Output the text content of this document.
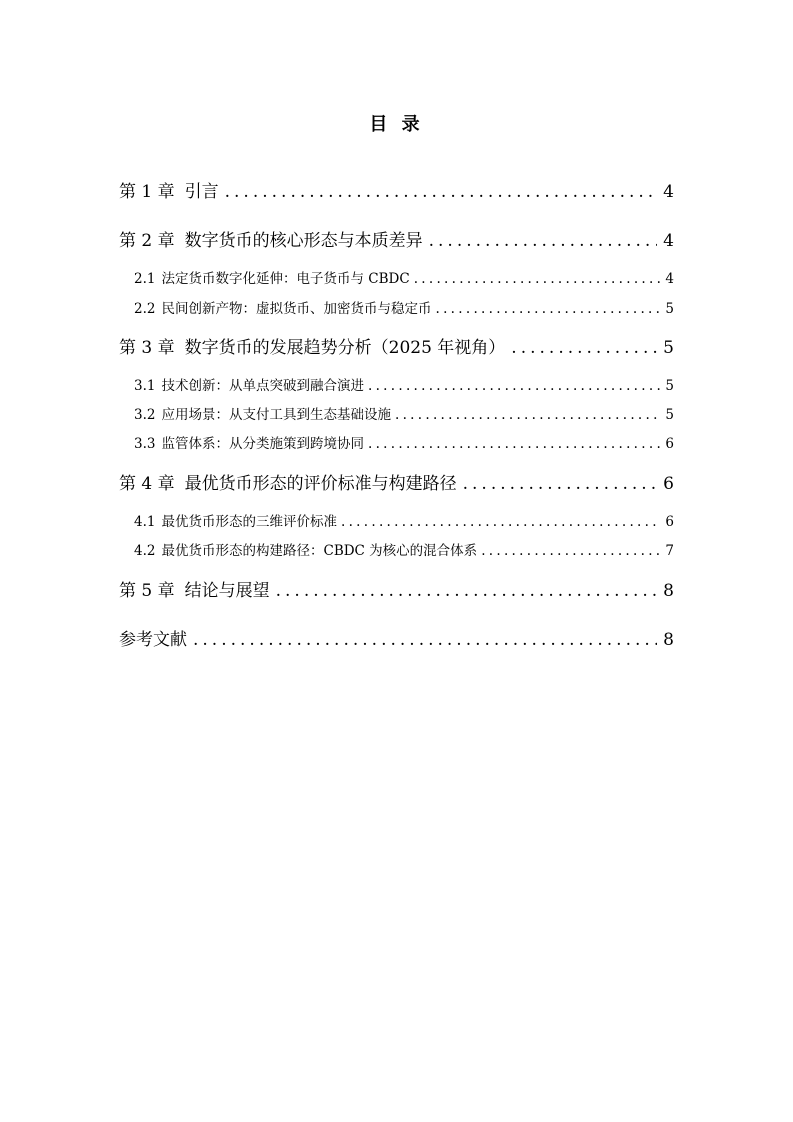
目 录
第 1 章 引言 .....	4
第 2 章 数字货币的核心形态与本质差异 .....	4
2.1 法定货币数字化延伸：电子货币与 CBDC .....	4
2.2 民间创新产物：虚拟货币、加密货币与稳定币 .....	5
第 3 章 数字货币的发展趋势分析（2025 年视角） .....	5
3.1 技术创新：从单点突破到融合演进 .....	5
3.2 应用场景：从支付工具到生态基础设施 .....	5
3.3 监管体系：从分类施策到跨境协同 .....	6
第 4 章 最优货币形态的评价标准与构建路径 .....	6
4.1 最优货币形态的三维评价标准 .....	6
4.2 最优货币形态的构建路径：CBDC 为核心的混合体系 .....	7
第 5 章 结论与展望 .....	8
参考文献 .....	8
